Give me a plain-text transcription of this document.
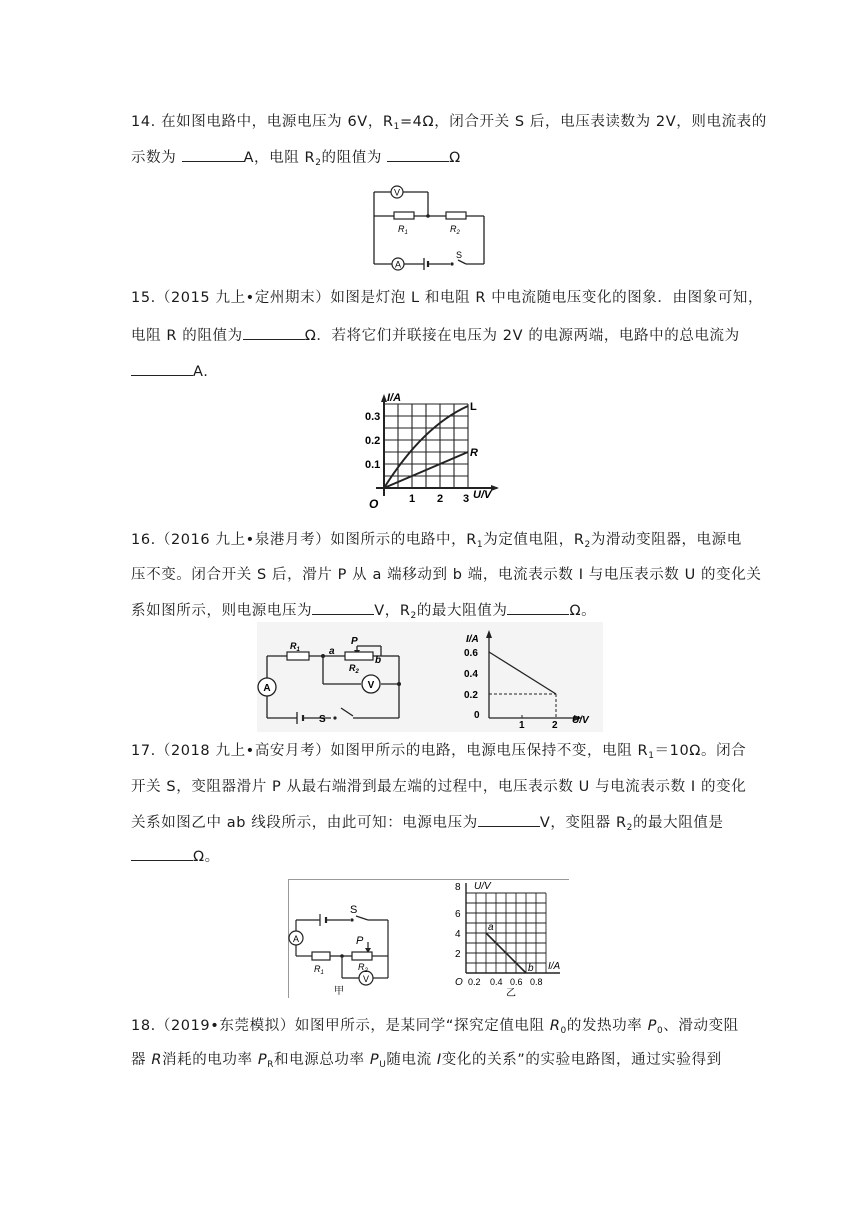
14. 在如图电路中，电源电压为 6V，$R_1=4\Omega$，闭合开关 S 后，电压表读数为 2V，则电流表的
示数为	A，电阻 $R_2$的阻值为	Ω
V
$R_1$	$R_2$
A
S
15.（2015 九上•定州期末）如图是灯泡 L 和电阻 R 中电流随电压变化的图象．由图象可知，
电阻 R 的阻值为	Ω．若将它们并联接在电压为 2V 的电源两端，电路中的总电流为
A.
I/A
U/V
O
L
R
0.1
0.2
0.3
1 2 3
16.（2016 九上•泉港月考）如图所示的电路中，$R_1$为定值电阻，$R_2$为滑动变阻器，电源电
压不变。闭合开关 S 后，滑片 P 从 a 端移动到 b 端，电流表示数 I 与电压表示数 U 的变化关
系如图所示，则电源电压为	V，$R_2$的最大阻值为	Ω。
A	V
$R_1$
$R_2$
P
a
b
S
I/A
U/V
0
0.6
0.4
0.2
1	2
17.（2018 九上•高安月考）如图甲所示的电路，电源电压保持不变，电阻 $R_1=10\Omega$。闭合
开关 S，变阻器滑片 P 从最右端滑到最左端的过程中，电压表示数 U 与电流表示数 I 的变化
关系如图乙中 ab 线段所示，由此可知：电源电压为	V，变阻器 $R_2$的最大阻值是
Ω。
S
A
V
$R_1$
$R_2$
P
甲
U/V
I/A
O
8
6
4
2
0.2 0.4 0.6 0.8
a
b
乙
18.（2019•东莞模拟）如图甲所示，是某同学“探究定值电阻 $R_0$的发热功率 $P_0$、滑动变阻
器 R消耗的电功率 $P_R$和电源总功率 $P_U$随电流 I变化的关系”的实验电路图，通过实验得到
